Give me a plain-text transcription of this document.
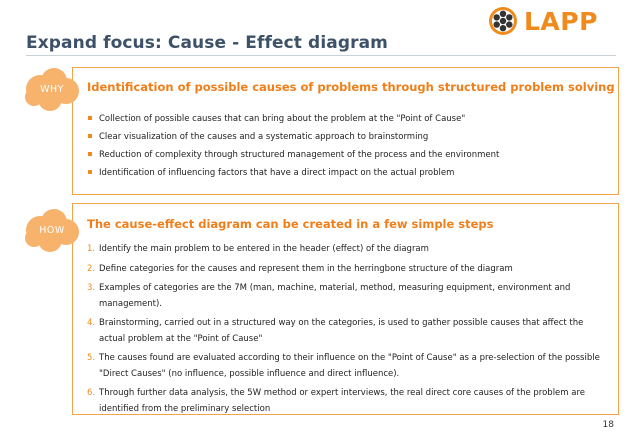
LAPP
Expand focus: Cause - Effect diagram
Identification of possible causes of problems through structured problem solving
Collection of possible causes that can bring about the problem at the "Point of Cause"
Clear visualization of the causes and a systematic approach to brainstorming
Reduction of complexity through structured management of the process and the environment
Identification of influencing factors that have a direct impact on the actual problem
WHY
The cause-effect diagram can be created in a few simple steps
1. Identify the main problem to be entered in the header (effect) of the diagram
2. Define categories for the causes and represent them in the herringbone structure of the diagram
3. Examples of categories are the 7M (man, machine, material, method, measuring equipment, environment and management).
4. Brainstorming, carried out in a structured way on the categories, is used to gather possible causes that affect the actual problem at the "Point of Cause"
5. The causes found are evaluated according to their influence on the "Point of Cause" as a pre-selection of the possible "Direct Causes" (no influence, possible influence and direct influence).
6. Through further data analysis, the 5W method or expert interviews, the real direct core causes of the problem are identified from the preliminary selection
HOW
18
